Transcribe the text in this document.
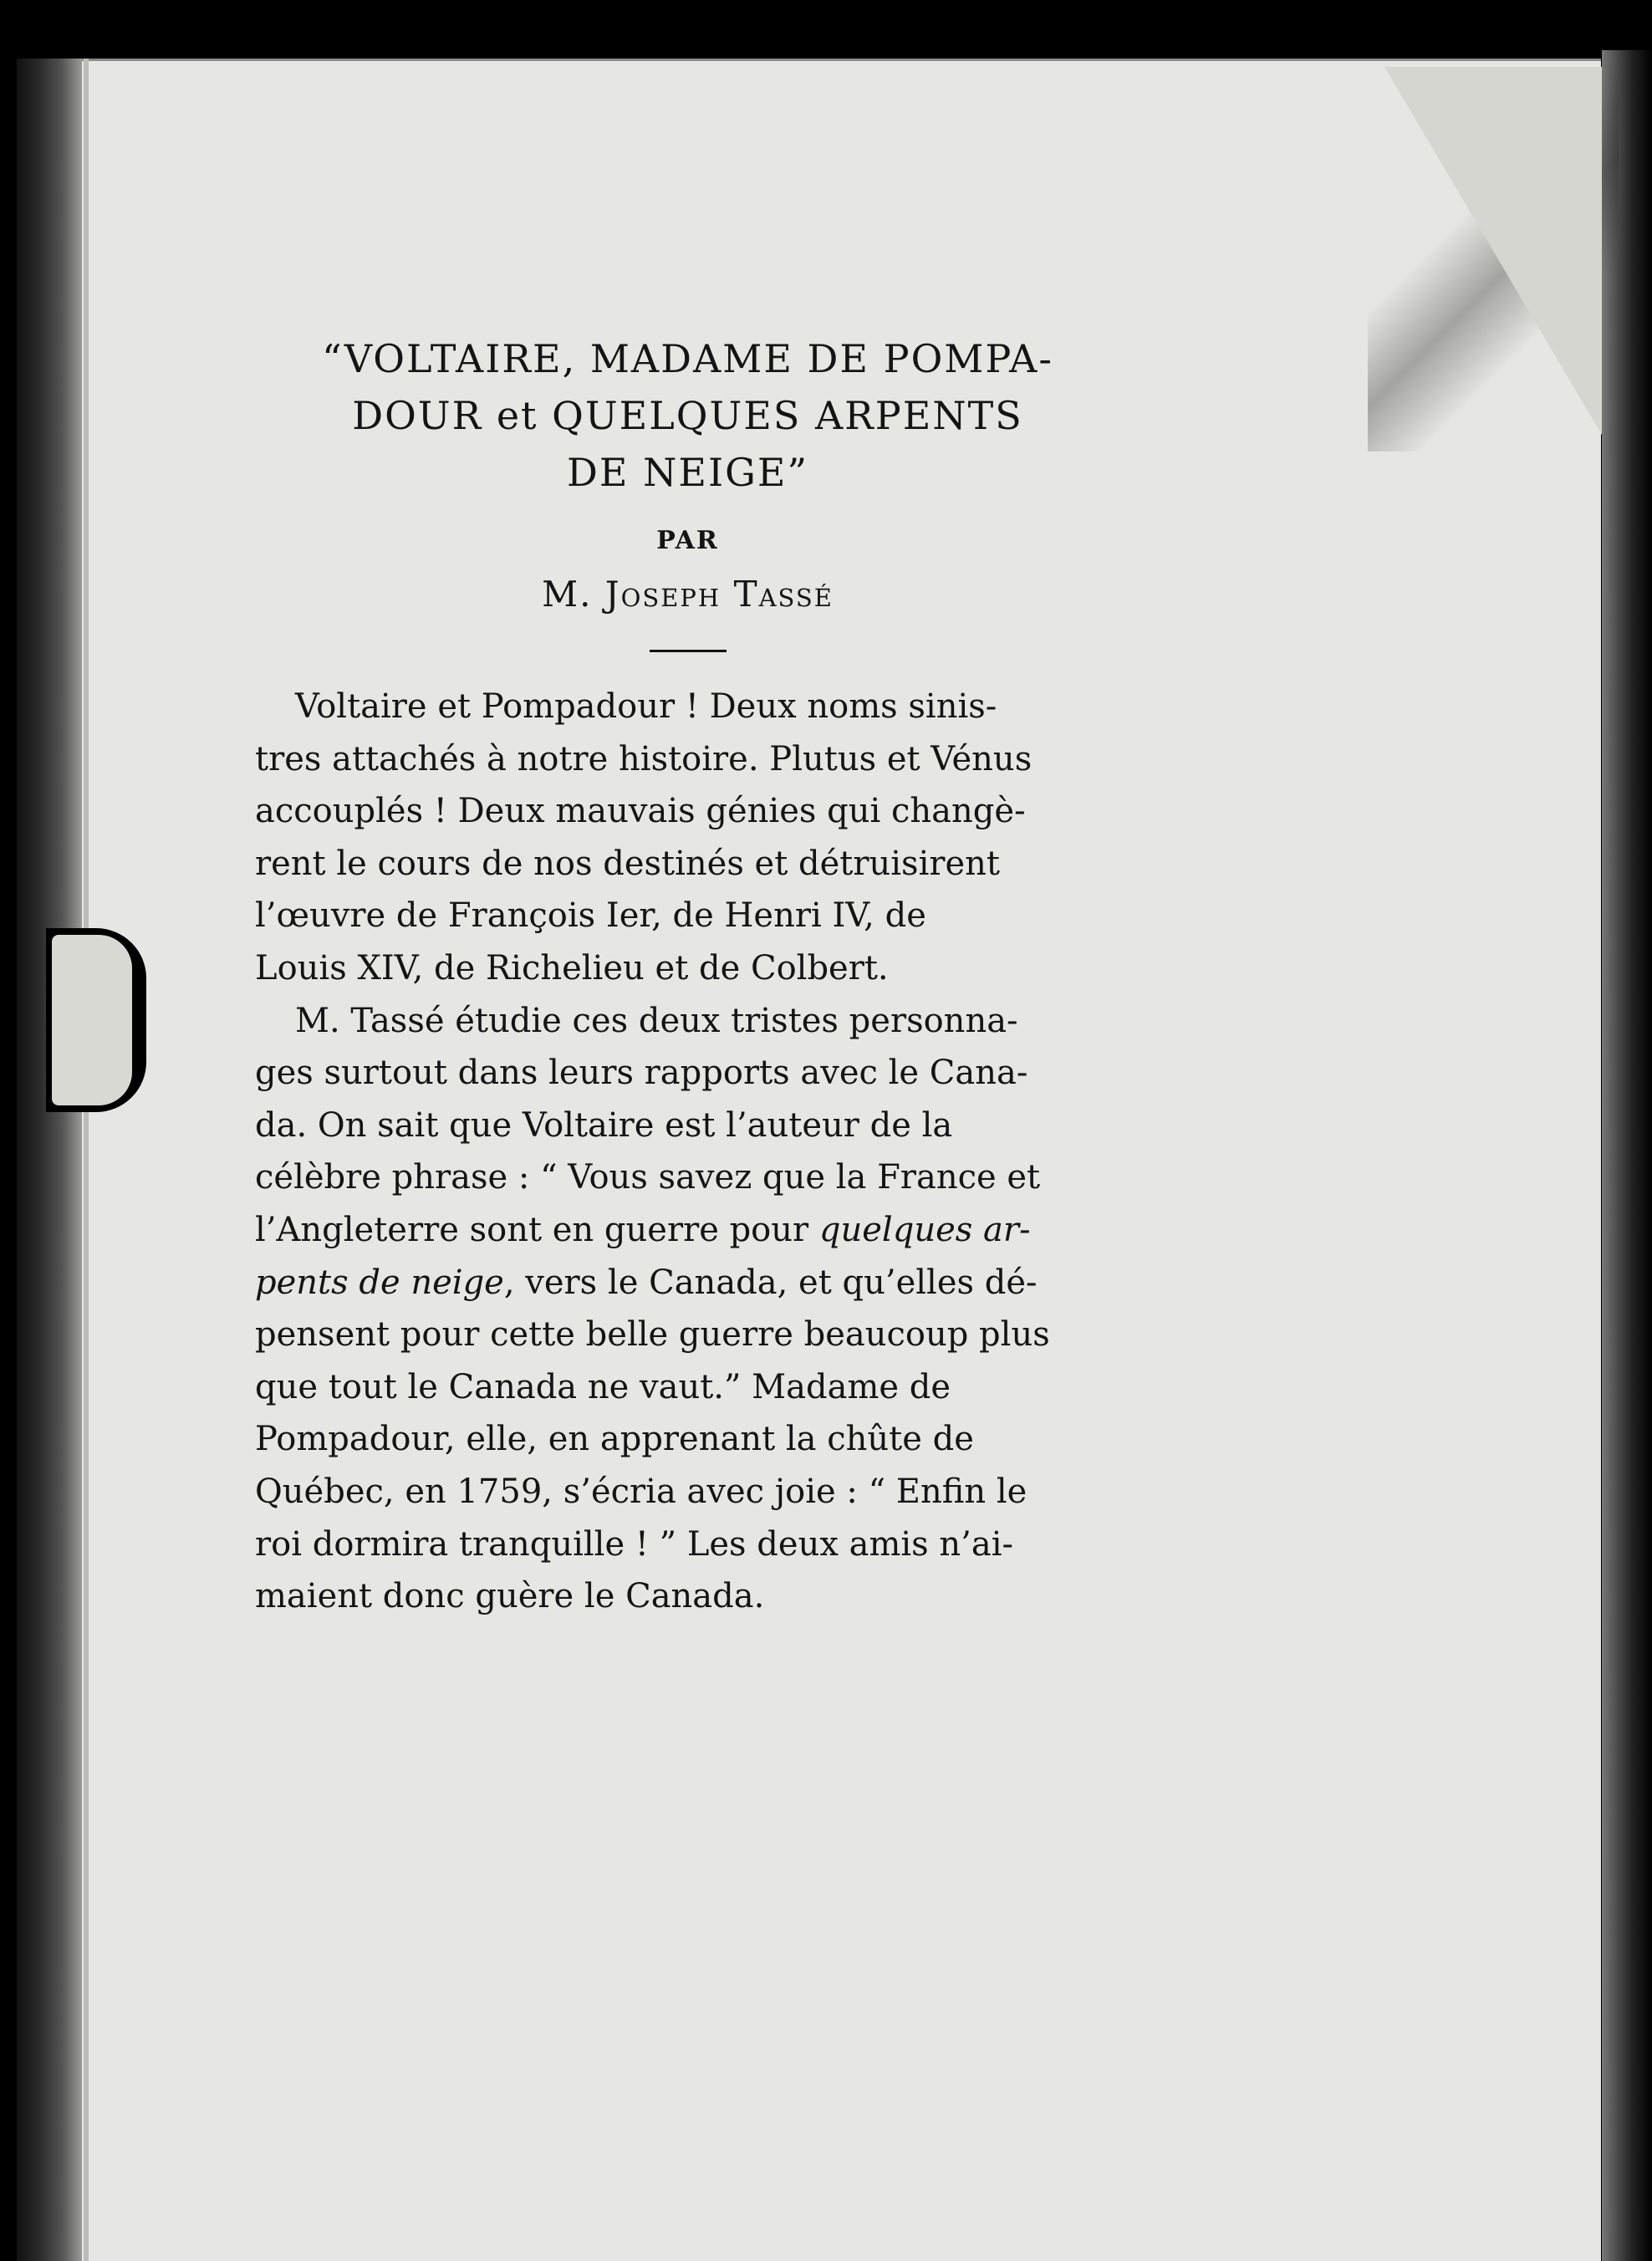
“VOLTAIRE, MADAME DE POMPA-

DOUR et QUELQUES ARPENTS

DE NEIGE”

PAR

M. Joseph Tassé

Voltaire et Pompadour ! Deux noms sinis-
tres attachés à notre histoire. Plutus et Vénus
accouplés ! Deux mauvais génies qui changè-
rent le cours de nos destinés et détruisirent
l’œuvre de François Ier, de Henri IV, de
Louis XIV, de Richelieu et de Colbert.
M. Tassé étudie ces deux tristes personna-
ges surtout dans leurs rapports avec le Cana-
da. On sait que Voltaire est l’auteur de la
célèbre phrase : “ Vous savez que la France et
l’Angleterre sont en guerre pour quelques ar-
pents de neige, vers le Canada, et qu’elles dé-
pensent pour cette belle guerre beaucoup plus
que tout le Canada ne vaut.” Madame de
Pompadour, elle, en apprenant la chûte de
Québec, en 1759, s’écria avec joie : “ Enfin le
roi dormira tranquille ! ” Les deux amis n’ai-
maient donc guère le Canada.
